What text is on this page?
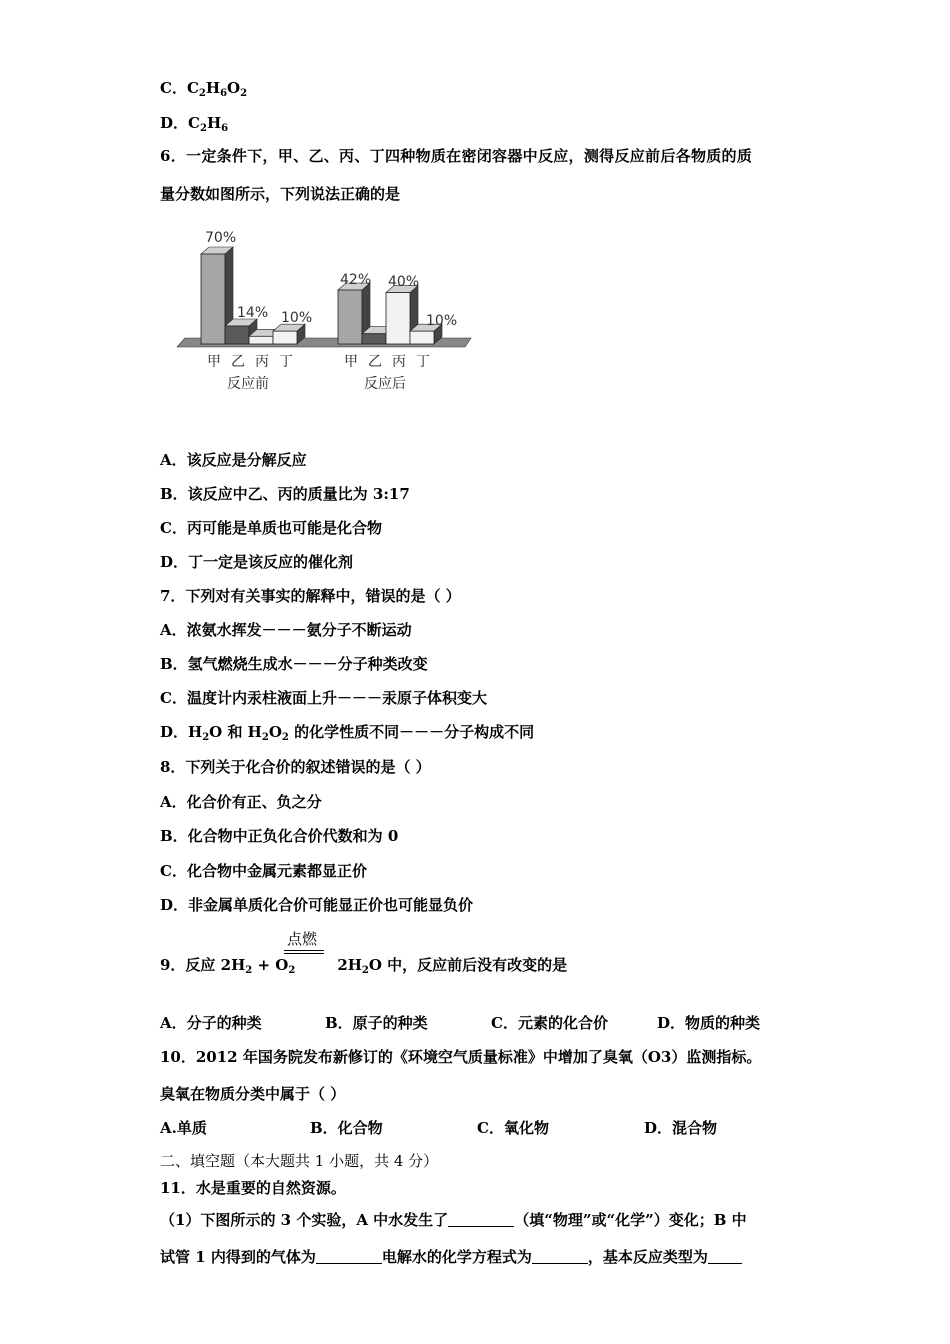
C．$C_2H_6O_2$
D．$C_2H_6$
6．一定条件下，甲、乙、丙、丁四种物质在密闭容器中反应，测得反应前后各物质的质
量分数如图所示，下列说法正确的是
70%
14% 10%
甲 乙 丙 丁
反应前
42% 40%
10%
甲 乙 丙 丁
反应后
A．该反应是分解反应
B．该反应中乙、丙的质量比为 3:17
C．丙可能是单质也可能是化合物
D．丁一定是该反应的催化剂
7．下列对有关事实的解释中，错误的是（ ）
A．浓氨水挥发－－－氨分子不断运动
B．氢气燃烧生成水－－－分子种类改变
C．温度计内汞柱液面上升－－－汞原子体积变大
D．$H_2O$ 和 $H_2O_2$ 的化学性质不同－－－分子构成不同
8．下列关于化合价的叙述错误的是（ ）
A．化合价有正、负之分
B．化合物中正负化合价代数和为 0
C．化合物中金属元素都显正价
D．非金属单质化合价可能显正价也可能显负价
点燃
9．反应 $2H_2 + O_2$	$2H_2O$ 中，反应前后没有改变的是
A．分子的种类	B．原子的种类	C．元素的化合价	D．物质的种类
10．2012 年国务院发布新修订的《环境空气质量标准》中增加了臭氧（O3）监测指标。
臭氧在物质分类中属于（ ）
A.单质	B．化合物	C．氧化物	D．混合物
二、填空题（本大题共 1 小题，共 4 分）
11．水是重要的自然资源。
（1）下图所示的 3 个实验，A 中水发生了	（填“物理”或“化学”）变化；B 中
试管 1 内得到的气体为	电解水的化学方程式为	，基本反应类型为
